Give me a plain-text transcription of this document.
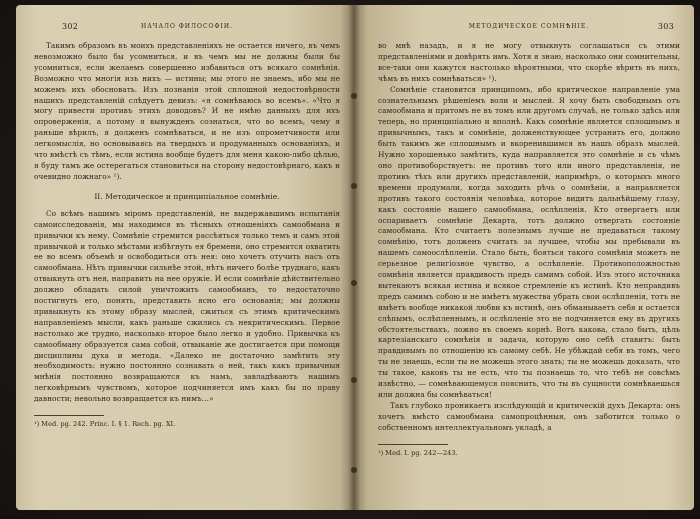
302	НАЧАЛО ФИЛОСОФІИ.

Такимъ образомъ въ моихъ представленіяхъ не остается ничего, въ чемъ невозможно было бы усомниться, и въ чемъ мы не должны были бы усомниться, если желаемъ совершенно избавиться отъ всякаго сомнѣнія. Возможно что многія изъ нихъ — истины; мы этого не знаемъ, ибо мы не можемъ ихъ обосновать. Изъ познанія этой сплошной недостовѣрности нашихъ представленій слѣдуетъ девизъ: «я сомнѣваюсь во всемъ». «Что я могу привести противъ этихъ доводовъ? И не имѣю данныхъ для ихъ опроверженія, а потому я вынужденъ сознаться, что во всемъ, чему я раньше вѣрилъ, я долженъ сомнѣваться, и не изъ опрометчивости или легкомыслія, но основываясь на твердыхъ и продуманныхъ основаніяхъ, и что вмѣстѣ съ тѣмъ, если истина вообще будетъ для меня какою-либо цѣлью, я буду тамъ же остерегаться становиться на сторону недостовѣрнаго, какъ и очевидно ложнаго» ¹).

II. Методическое и принципіальное сомнѣніе.

Со всѣмъ нашимъ міромъ представленій, не выдержавшимъ испытанія самоисследованія, мы находимся въ тѣсныхъ отношеніяхъ самообмана и привычки къ нему. Сомнѣніе стремится рассѣяться только темъ и самъ этой привычкой и только мѣстами избѣгнуть ея бремени, оно стремится охватить ее во всемъ объемѣ и освободиться отъ нея: оно хочетъ отучить насъ отъ самообмана. Нѣтъ привычки сильнѣе этой, нѣтъ ничего болѣе труднаго, какъ отвыкнуть отъ нея, направить на нее оружіе. И если сомнѣніе дѣйствительно должно обладать силой уничтожить самообманъ, то недостаточно постигнуть его, понять, представить ясно его основанія; мы должны привыкнуть къ этому образу мыслей, сжиться съ этимъ критическимъ направленіемъ мысли, какъ раньше сжились съ некритическимъ. Первое настолько же трудно, насколько второе было легко и удобно. Привычка къ самообману образуется сама собой, отвыканіе же достигается при помощи дисциплины духа и метода. «Далеко не достаточно замѣтить эту необходимость: нужно постоянно сознавать о ней, такъ какъ привычныя мнѣнія постоянно возвращаются къ намъ, завладѣваютъ нашимъ легковѣрнымъ чувствомъ, которое подчиняется имъ какъ бы по праву давности; невольно возвращается къ нимъ…»

¹) Med. pg. 242. Princ. I. § 1. Rech. pg. XI.
МЕТОДИЧЕСКОЕ СОМНѢНІЕ.	303

во мнѣ назадъ, и я не могу отвыкнуть соглашаться съ этими представленіями и довѣрять имъ. Хотя я знаю, насколько они сомнительны, все-таки они кажутся настолько вѣроятными, что скорѣе вѣрить въ нихъ, чѣмъ въ нихъ сомнѣваться» ¹).

Сомнѣніе становится принципомъ, ибо критическое направленіе ума сознательнымъ рѣшеніемъ воли и мыслей. Я хочу быть свободнымъ отъ самообмана и притомъ не въ томъ или другомъ случаѣ, не только здѣсь или теперь, но принципіально и вполнѣ. Какъ сомнѣніе является сплошнымъ и привычнымъ, такъ и сомнѣніе, долженствующее устранить его, должно быть такимъ же сплошнымъ и вкоренившимся въ нашъ образъ мыслей. Нужно хорошенько замѣтить, куда направляется это сомнѣніе и съ чѣмъ оно противоборствуетъ: не противъ того или иного представленія, не противъ тѣхъ или другихъ представленій, напримѣръ, о которыхъ много времени продумали, когда заходить рѣчь о сомнѣніи, а направляется противъ такого состоянія человѣка, которое видитъ дальнѣйшему глазу, какъ состояніе нашего самообмана, ослѣпленія. Кто отвергаетъ или оспариваетъ сомнѣніе Декарта, тотъ должно отвергать состояніе самообмана. Кто считаетъ полезнымъ лучше не предаваться такому сомнѣнію, тотъ долженъ считать за лучшее, чтобы мы пребывали въ нашемъ самоослѣпленіи. Стало быть, бояться такого сомнѣнія можетъ не серьезное религіозное чувство, а ослѣпленіе. Противоположностью сомнѣнія является правдивость предъ самимъ собой. Изъ этого источника вытекаютъ всякая истина и всякое стремленіе къ истинѣ. Кто неправдивъ предъ самимъ собою и не имѣетъ мужества убрать свои ослѣпленія, тотъ не имѣетъ вообще никакой любви къ истинѣ, онъ обманываетъ себя и остается слѣпымъ, ослѣпленнымъ, и ослѣпленіе это не подчиняется ему въ другихъ обстоятельствахъ, ложно въ своемъ корнѣ. Вотъ какова, стало быть, цѣль картезіанскаго сомнѣнія и задача, которую оно себѣ ставитъ: быть правдивымъ по отношенію къ самому себѣ. Не убѣждай себя въ томъ, чего ты не знаешь, если ты не можешь этого знать; ты не можешь доказать, что ты такое, каковъ ты не есть, что ты познаешь то, что тебѣ не совсѣмъ извѣстно, — сомнѣвающемуся пояснить, что ты въ сущности сомнѣваешься или должна бы сомнѣваться!

Такъ глубоко проникаетъ изслѣдующій и критическій духъ Декарта: онъ хочетъ вмѣсто самообмана самопроцѣнныя, онъ заботится только о собственномъ интеллектуальномъ укладѣ, а

¹) Med. I. pg. 242—243.
